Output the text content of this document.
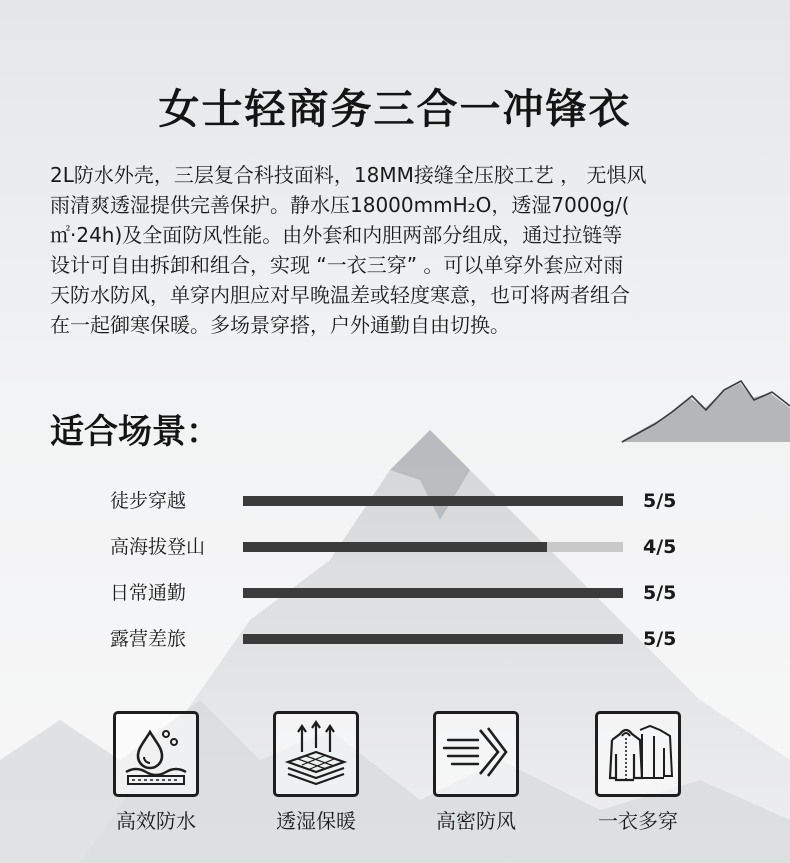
女士轻商务三合一冲锋衣
2L防水外壳，三层复合科技面料，18MM接缝全压胶工艺 ， 无惧风
雨清爽透湿提供完善保护。静水压18000mmH₂O，透湿7000g/(
㎡·24h)及全面防风性能。由外套和内胆两部分组成，通过拉链等
设计可自由拆卸和组合，实现 “一衣三穿” 。可以单穿外套应对雨
天防水防风，单穿内胆应对早晚温差或轻度寒意，也可将两者组合
在一起御寒保暖。多场景穿搭，户外通勤自由切换。
适合场景：
徒步穿越	5/5
高海拔登山	4/5
日常通勤	5/5
露营差旅	5/5
高效防水	透湿保暖	高密防风	一衣多穿
